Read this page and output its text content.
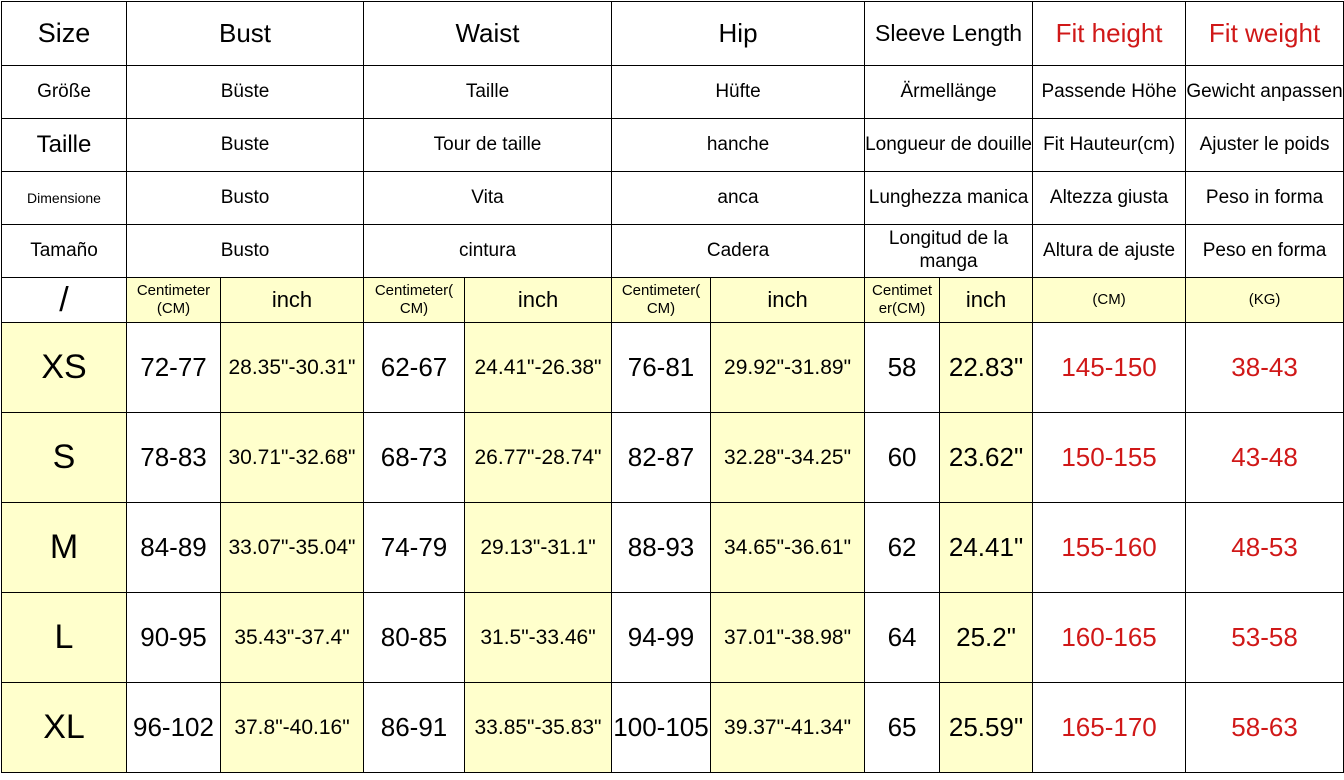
Size	Bust		Waist		Hip		Sleeve Length		Fit height	Fit weight
Größe	Büste		Taille		Hüfte		Ärmellänge		Passende Höhe	Gewicht anpassen
Taille	Buste		Tour de taille		hanche		Longueur de douille		Fit Hauteur(cm)	Ajuster le poids
Dimensione	Busto		Vita		anca		Lunghezza manica		Altezza giusta	Peso in forma
Tamaño	Busto		cintura		Cadera		Longitud de la manga		Altura de ajuste	Peso en forma
/	Centimeter (CM)	inch	Centimeter( CM)	inch	Centimeter( CM)	inch	Centimet er(CM)	inch	(CM)	(KG)
XS	72-77	28.35"-30.31"	62-67	24.41"-26.38"	76-81	29.92"-31.89"	58	22.83"	145-150	38-43
S	78-83	30.71"-32.68"	68-73	26.77"-28.74"	82-87	32.28"-34.25"	60	23.62"	150-155	43-48
M	84-89	33.07"-35.04"	74-79	29.13"-31.1"	88-93	34.65"-36.61"	62	24.41"	155-160	48-53
L	90-95	35.43"-37.4"	80-85	31.5"-33.46"	94-99	37.01"-38.98"	64	25.2"	160-165	53-58
XL	96-102	37.8"-40.16"	86-91	33.85"-35.83"	100-105	39.37"-41.34"	65	25.59"	165-170	58-63
